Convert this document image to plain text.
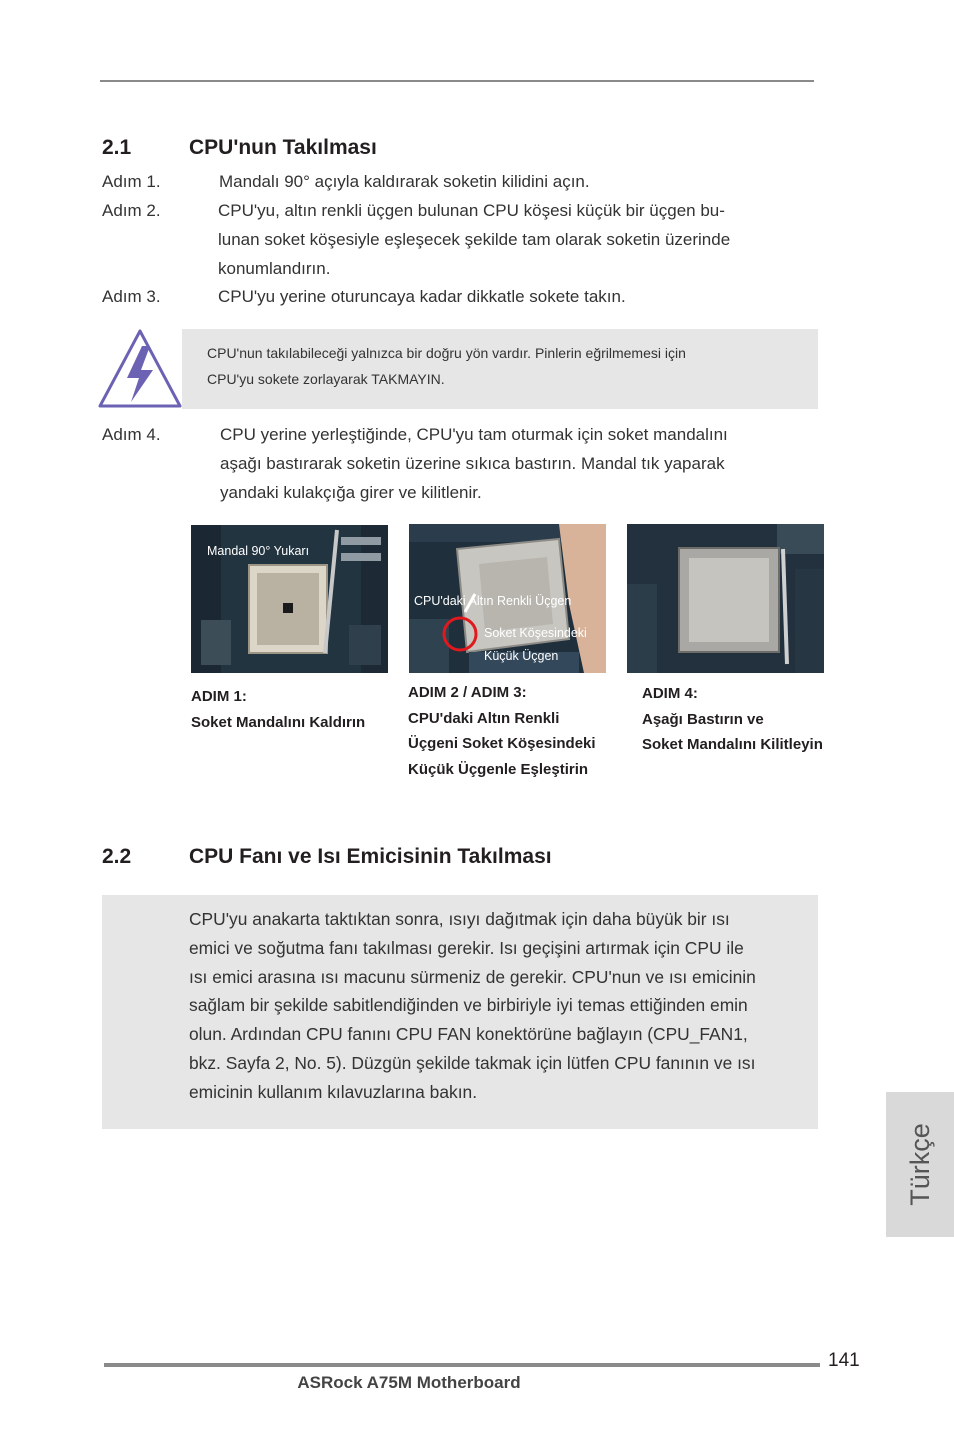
2.1	CPU'nun Takılması
Adım 1.	Mandalı 90° açıyla kaldırarak soketin kilidini açın.
Adım 2.	CPU'yu, altın renkli üçgen bulunan CPU köşesi küçük bir üçgen bu-
lunan soket köşesiyle eşleşecek şekilde tam olarak soketin üzerinde
konumlandırın.
Adım 3.	CPU'yu yerine oturuncaya kadar dikkatle sokete takın.
CPU'nun takılabileceği yalnızca bir doğru yön vardır. Pinlerin eğrilmemesi için
CPU'yu sokete zorlayarak TAKMAYIN.
Adım 4.	CPU yerine yerleştiğinde, CPU'yu tam oturmak için soket mandalını
aşağı bastırarak soketin üzerine sıkıca bastırın. Mandal tık yaparak
yandaki kulakçığa girer ve kilitlenir.
Mandal 90° Yukarı
CPU'daki Altın Renkli Üçgen
Soket Köşesindeki
Küçük Üçgen
ADIM 1:
Soket Mandalını Kaldırın
ADIM 2 / ADIM 3:
CPU'daki Altın Renkli
Üçgeni Soket Köşesindeki
Küçük Üçgenle Eşleştirin
ADIM 4:
Aşağı Bastırın ve
Soket Mandalını Kilitleyin
2.2	CPU Fanı ve Isı Emicisinin Takılması
CPU'yu anakarta taktıktan sonra, ısıyı dağıtmak için daha büyük bir ısı
emici ve soğutma fanı takılması gerekir. Isı geçişini artırmak için CPU ile
ısı emici arasına ısı macunu sürmeniz de gerekir. CPU'nun ve ısı emicinin
sağlam bir şekilde sabitlendiğinden ve birbiriyle iyi temas ettiğinden emin
olun. Ardından CPU fanını CPU FAN konektörüne bağlayın (CPU_FAN1,
bkz. Sayfa 2, No. 5). Düzgün şekilde takmak için lütfen CPU fanının ve ısı
emicinin kullanım kılavuzlarına bakın.
Türkçe
141
ASRock A75M Motherboard
